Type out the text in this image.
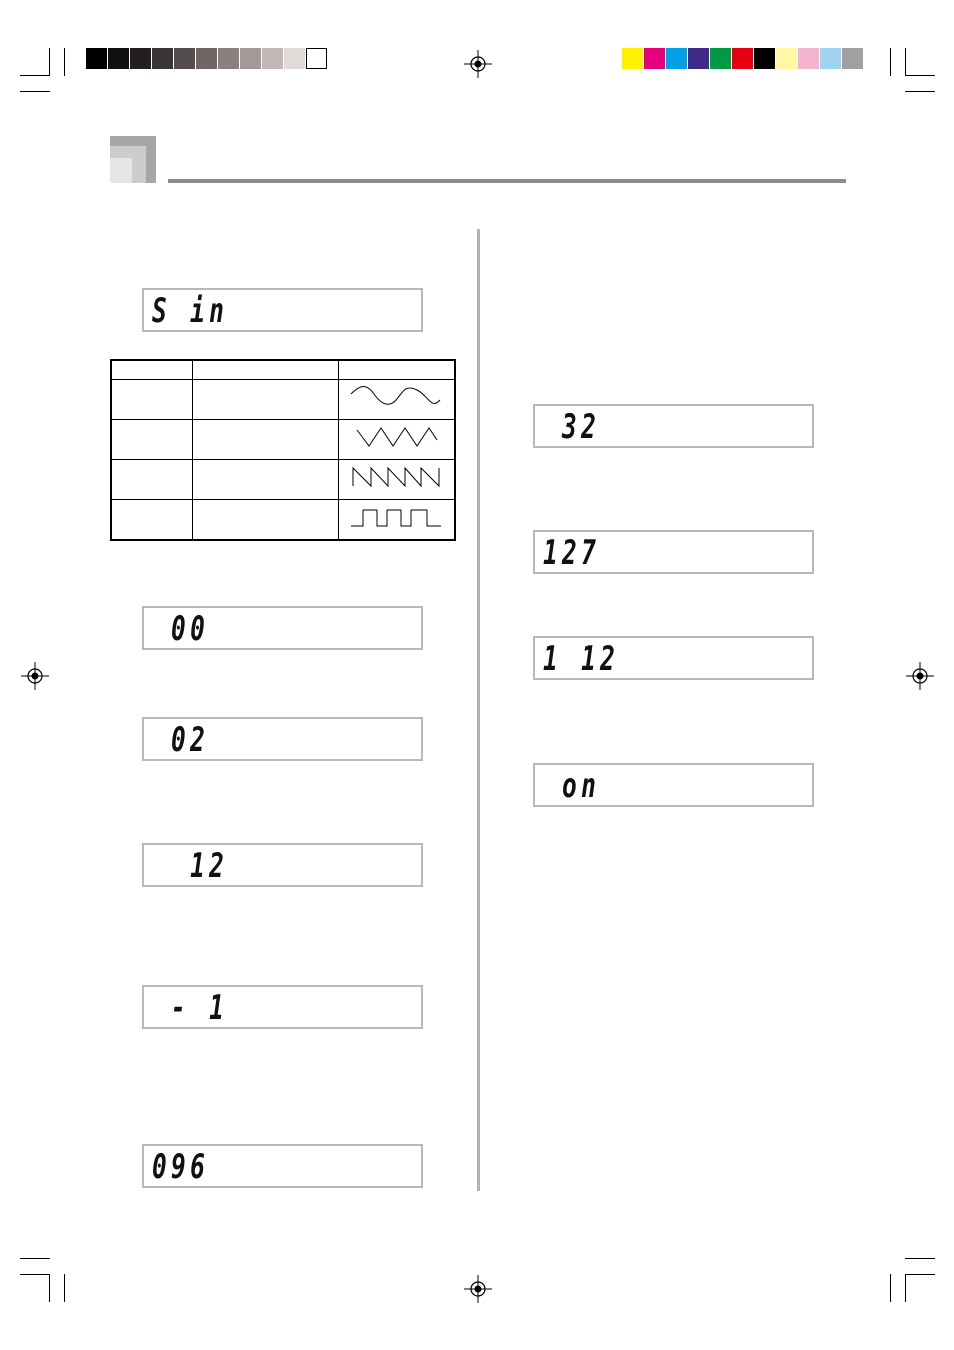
S in

00
02
12
- 1
096
32
127
1 12
on
